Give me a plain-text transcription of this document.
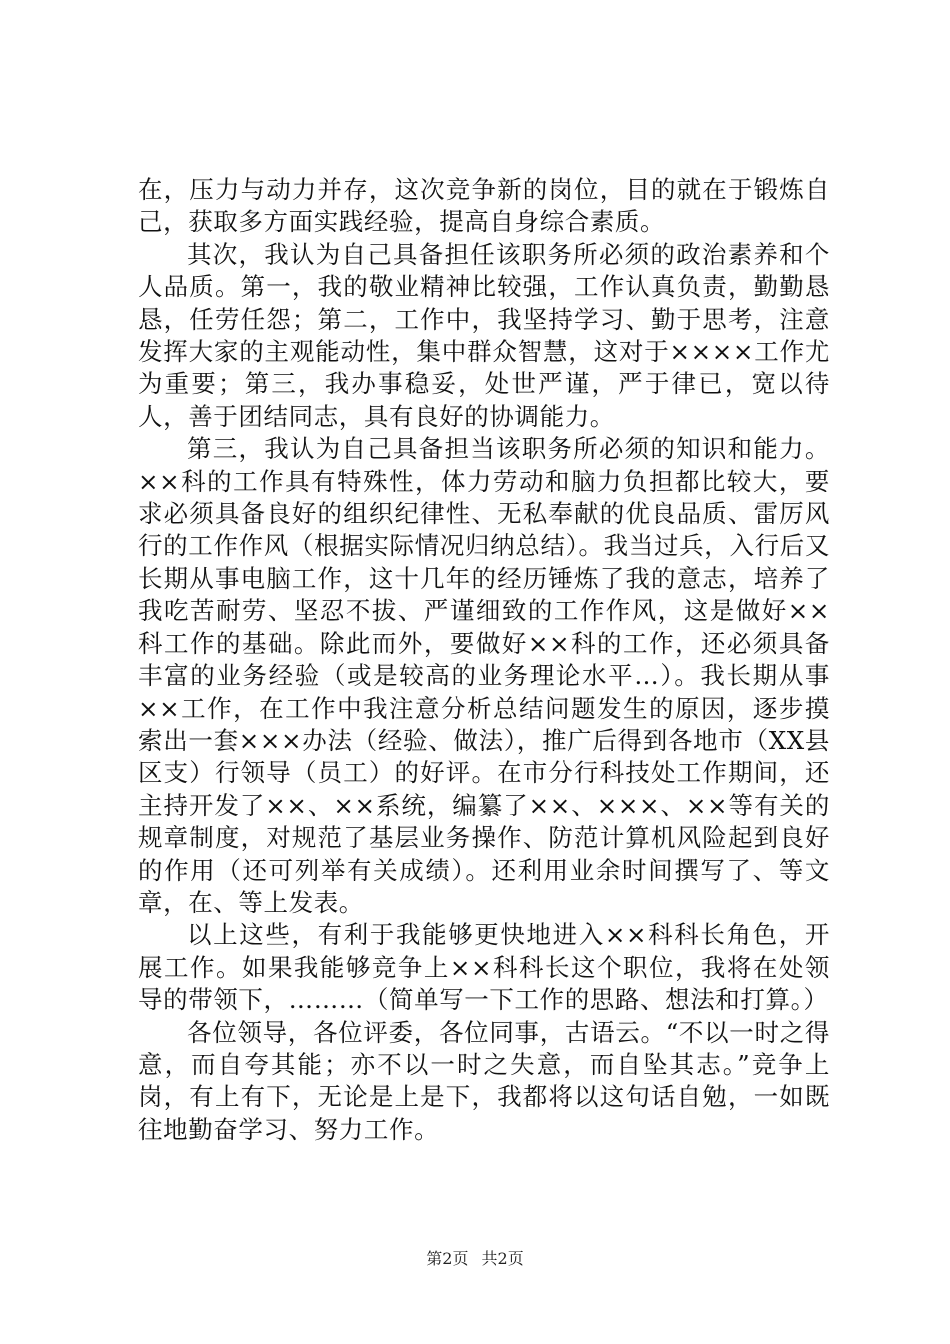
在，压力与动力并存，这次竞争新的岗位，目的就在于锻炼自己，获取多方面实践经验，提高自身综合素质。

其次，我认为自己具备担任该职务所必须的政治素养和个人品质。第一，我的敬业精神比较强，工作认真负责，勤勤恳恳，任劳任怨；第二，工作中，我坚持学习、勤于思考，注意发挥大家的主观能动性，集中群众智慧，这对于××××工作尤为重要；第三，我办事稳妥，处世严谨，严于律已，宽以待人，善于团结同志，具有良好的协调能力。

第三，我认为自己具备担当该职务所必须的知识和能力。××科的工作具有特殊性，体力劳动和脑力负担都比较大，要求必须具备良好的组织纪律性、无私奉献的优良品质、雷厉风行的工作作风（根据实际情况归纳总结）。我当过兵，入行后又长期从事电脑工作，这十几年的经历锤炼了我的意志，培养了我吃苦耐劳、坚忍不拔、严谨细致的工作作风，这是做好××科工作的基础。除此而外，要做好××科的工作，还必须具备丰富的业务经验（或是较高的业务理论水平…）。我长期从事××工作，在工作中我注意分析总结问题发生的原因，逐步摸索出一套×××办法（经验、做法），推广后得到各地市（XX县区支）行领导（员工）的好评。在市分行科技处工作期间，还主持开发了××、××系统，编纂了××、×××、××等有关的规章制度，对规范了基层业务操作、防范计算机风险起到良好的作用（还可列举有关成绩）。还利用业余时间撰写了、等文章，在、等上发表。

以上这些，有利于我能够更快地进入××科科长角色，开展工作。如果我能够竞争上××科科长这个职位，我将在处领导的带领下，………（简单写一下工作的思路、想法和打算。）

各位领导，各位评委，各位同事，古语云。“不以一时之得意，而自夸其能；亦不以一时之失意，而自坠其志。”竞争上岗，有上有下，无论是上是下，我都将以这句话自勉，一如既往地勤奋学习、努力工作。

第2页 共2页
